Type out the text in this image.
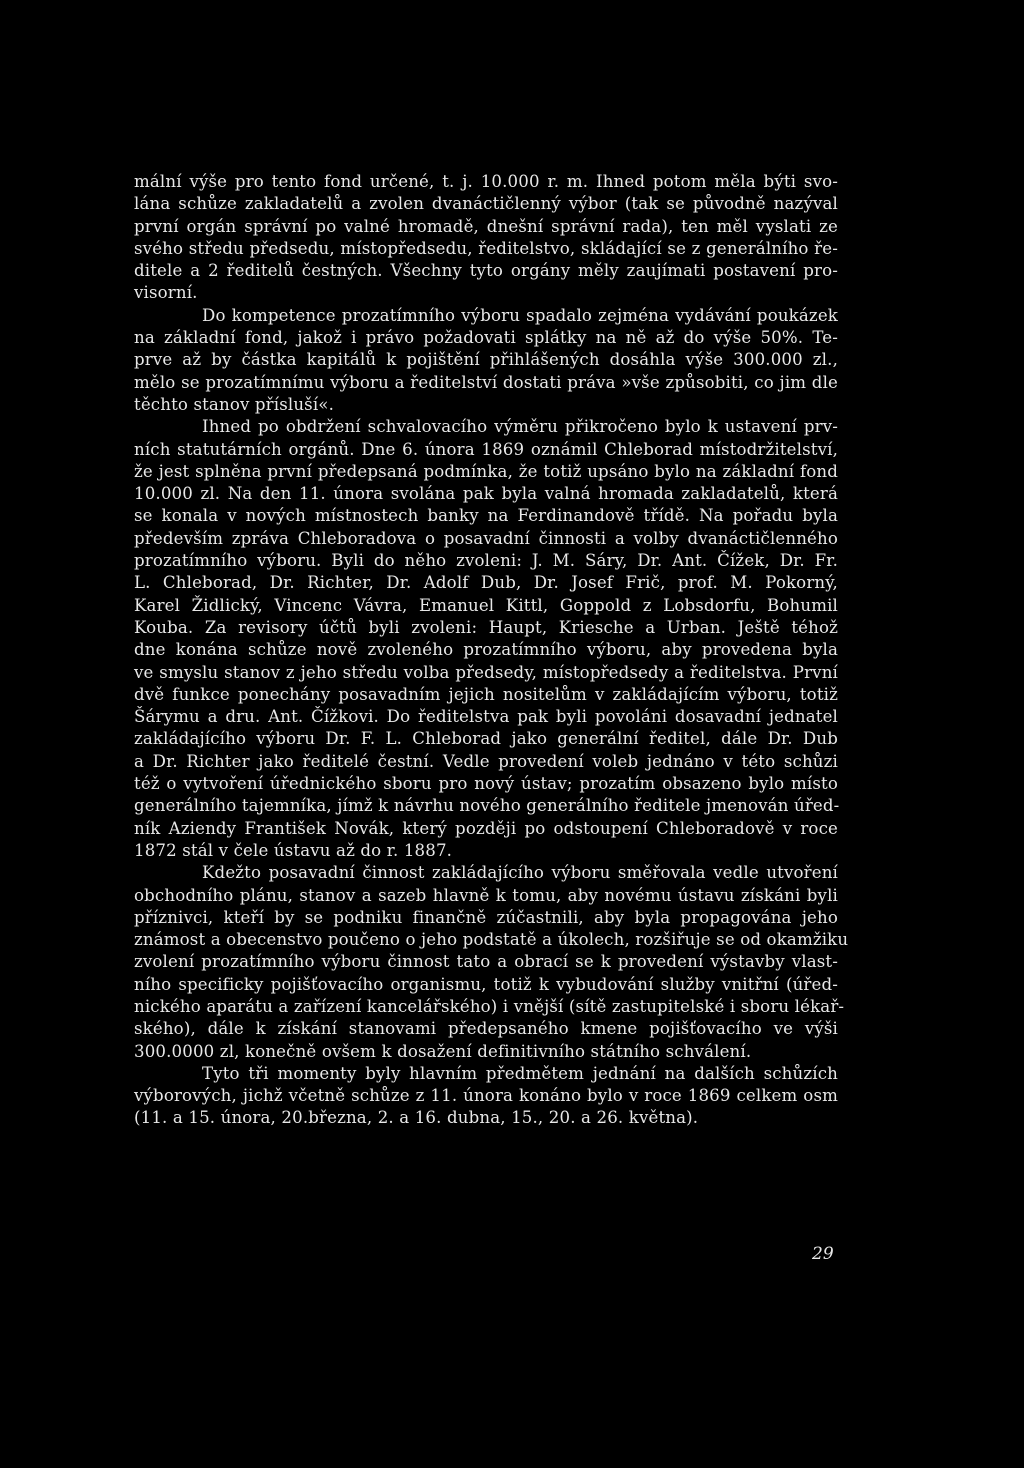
mální výše pro tento fond určené, t. j. 10.000 r. m. Ihned potom měla býti svo-
lána schůze zakladatelů a zvolen dvanáctičlenný výbor (tak se původně nazýval
první orgán správní po valné hromadě, dnešní správní rada), ten měl vyslati ze
svého středu předsedu, místopředsedu, ředitelstvo, skládající se z generálního ře-
ditele a 2 ředitelů čestných. Všechny tyto orgány měly zaujímati postavení pro-
visorní.
Do kompetence prozatímního výboru spadalo zejména vydávání poukázek
na základní fond, jakož i právo požadovati splátky na ně až do výše 50%. Te-
prve až by částka kapitálů k pojištění přihlášených dosáhla výše 300.000 zl.,
mělo se prozatímnímu výboru a ředitelství dostati práva »vše způsobiti, co jim dle
těchto stanov přísluší«.
Ihned po obdržení schvalovacího výměru přikročeno bylo k ustavení prv-
ních statutárních orgánů. Dne 6. února 1869 oznámil Chleborad místodržitelství,
že jest splněna první předepsaná podmínka, že totiž upsáno bylo na základní fond
10.000 zl. Na den 11. února svolána pak byla valná hromada zakladatelů, která
se konala v nových místnostech banky na Ferdinandově třídě. Na pořadu byla
především zpráva Chleboradova o posavadní činnosti a volby dvanáctičlenného
prozatímního výboru. Byli do něho zvoleni: J. M. Sáry, Dr. Ant. Čížek, Dr. Fr.
L. Chleborad, Dr. Richter, Dr. Adolf Dub, Dr. Josef Frič, prof. M. Pokorný,
Karel Židlický, Vincenc Vávra, Emanuel Kittl, Goppold z Lobsdorfu, Bohumil
Kouba. Za revisory účtů byli zvoleni: Haupt, Kriesche a Urban. Ještě téhož
dne konána schůze nově zvoleného prozatímního výboru, aby provedena byla
ve smyslu stanov z jeho středu volba předsedy, místopředsedy a ředitelstva. První
dvě funkce ponechány posavadním jejich nositelům v zakládajícím výboru, totiž
Šárymu a dru. Ant. Čížkovi. Do ředitelstva pak byli povoláni dosavadní jednatel
zakládajícího výboru Dr. F. L. Chleborad jako generální ředitel, dále Dr. Dub
a Dr. Richter jako ředitelé čestní. Vedle provedení voleb jednáno v této schůzi
též o vytvoření úřednického sboru pro nový ústav; prozatím obsazeno bylo místo
generálního tajemníka, jímž k návrhu nového generálního ředitele jmenován úřed-
ník Aziendy František Novák, který později po odstoupení Chleboradově v roce
1872 stál v čele ústavu až do r. 1887.
Kdežto posavadní činnost zakládajícího výboru směřovala vedle utvoření
obchodního plánu, stanov a sazeb hlavně k tomu, aby novému ústavu získáni byli
příznivci, kteří by se podniku finančně zúčastnili, aby byla propagována jeho
známost a obecenstvo poučeno o jeho podstatě a úkolech, rozšiřuje se od okamžiku
zvolení prozatímního výboru činnost tato a obrací se k provedení výstavby vlast-
ního specificky pojišťovacího organismu, totiž k vybudování služby vnitřní (úřed-
nického aparátu a zařízení kancelářského) i vnější (sítě zastupitelské i sboru lékař-
ského), dále k získání stanovami předepsaného kmene pojišťovacího ve výši
300.0000 zl, konečně ovšem k dosažení definitivního státního schválení.
Tyto tři momenty byly hlavním předmětem jednání na dalších schůzích
výborových, jichž včetně schůze z 11. února konáno bylo v roce 1869 celkem osm
(11. a 15. února, 20.března, 2. a 16. dubna, 15., 20. a 26. května).
29
